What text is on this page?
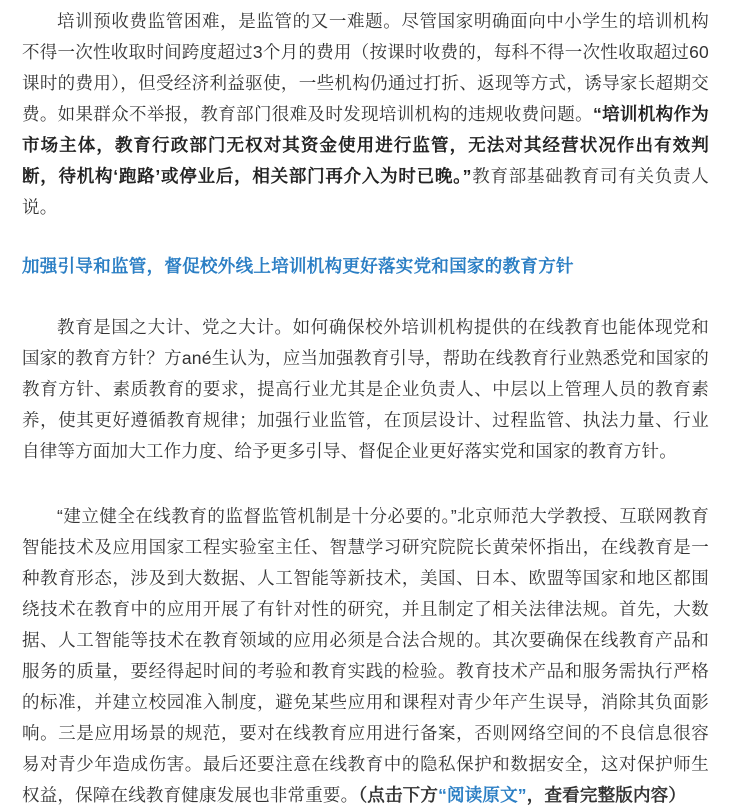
培训预收费监管困难，是监管的又一难题。尽管国家明确面向中小学生的培训机构不得一次性收取时间跨度超过3个月的费用（按课时收费的，每科不得一次性收取超过60课时的费用），但受经济利益驱使，一些机构仍通过打折、返现等方式，诱导家长超期交费。如果群众不举报，教育部门很难及时发现培训机构的违规收费问题。“培训机构作为市场主体，教育行政部门无权对其资金使用进行监管，无法对其经营状况作出有效判断，待机构‘跑路’或停业后，相关部门再介入为时已晚。”教育部基础教育司有关负责人说。

加强引导和监管，督促校外线上培训机构更好落实党和国家的教育方针

教育是国之大计、党之大计。如何确保校外培训机构提供的在线教育也能体现党和国家的教育方针？方ané生认为，应当加强教育引导，帮助在线教育行业熟悉党和国家的教育方针、素质教育的要求，提高行业尤其是企业负责人、中层以上管理人员的教育素养，使其更好遵循教育规律；加强行业监管，在顶层设计、过程监管、执法力量、行业自律等方面加大工作力度、给予更多引导、督促企业更好落实党和国家的教育方针。

“建立健全在线教育的监督监管机制是十分必要的。”北京师范大学教授、互联网教育智能技术及应用国家工程实验室主任、智慧学习研究院院长黄荣怀指出，在线教育是一种教育形态，涉及到大数据、人工智能等新技术，美国、日本、欧盟等国家和地区都围绕技术在教育中的应用开展了有针对性的研究，并且制定了相关法律法规。首先，大数据、人工智能等技术在教育领域的应用必须是合法合规的。其次要确保在线教育产品和服务的质量，要经得起时间的考验和教育实践的检验。教育技术产品和服务需执行严格的标准，并建立校园准入制度，避免某些应用和课程对青少年产生误导，消除其负面影响。三是应用场景的规范，要对在线教育应用进行备案，否则网络空间的不良信息很容易对青少年造成伤害。最后还要注意在线教育中的隐私保护和数据安全，这对保护师生权益，保障在线教育健康发展也非常重要。（点击下方“阅读原文”，查看完整版内容）
